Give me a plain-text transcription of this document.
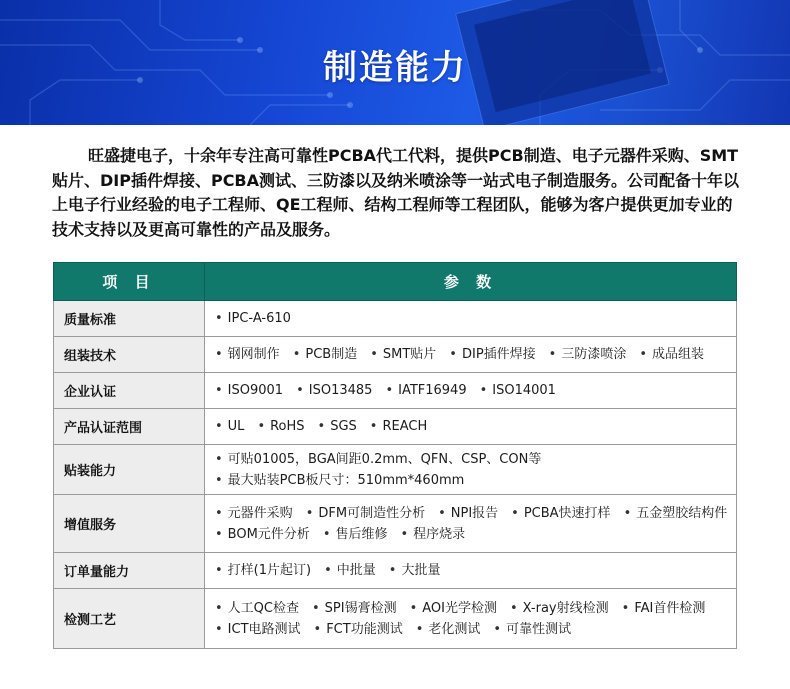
制造能力

旺盛捷电子，十余年专注高可靠性PCBA代工代料，提供PCB制造、电子元器件采购、SMT贴片、DIP插件焊接、PCBA测试、三防漆以及纳米喷涂等一站式电子制造服务。公司配备十年以上电子行业经验的电子工程师、QE工程师、结构工程师等工程团队，能够为客户提供更加专业的技术支持以及更高可靠性的产品及服务。

项 目	参 数
质量标准	• IPC-A-610

组装技术	• 钢网制作 • PCB制造 • SMT贴片 • DIP插件焊接 • 三防漆喷涂 • 成品组装

企业认证	• ISO9001 • ISO13485 • IATF16949 • ISO14001

产品认证范围	• UL • RoHS • SGS • REACH

贴装能力	• 可贴01005，BGA间距0.2mm、QFN、CSP、CON等
• 最大贴装PCB板尺寸：510mm*460mm

增值服务	• 元器件采购 • DFM可制造性分析 • NPI报告 • PCBA快速打样 • 五金塑胶结构件
• BOM元件分析 • 售后维修 • 程序烧录

订单量能力	• 打样(1片起订) • 中批量 • 大批量

检测工艺	• 人工QC检查 • SPI锡膏检测 • AOI光学检测 • X-ray射线检测 • FAI首件检测
• ICT电路测试 • FCT功能测试 • 老化测试 • 可靠性测试
